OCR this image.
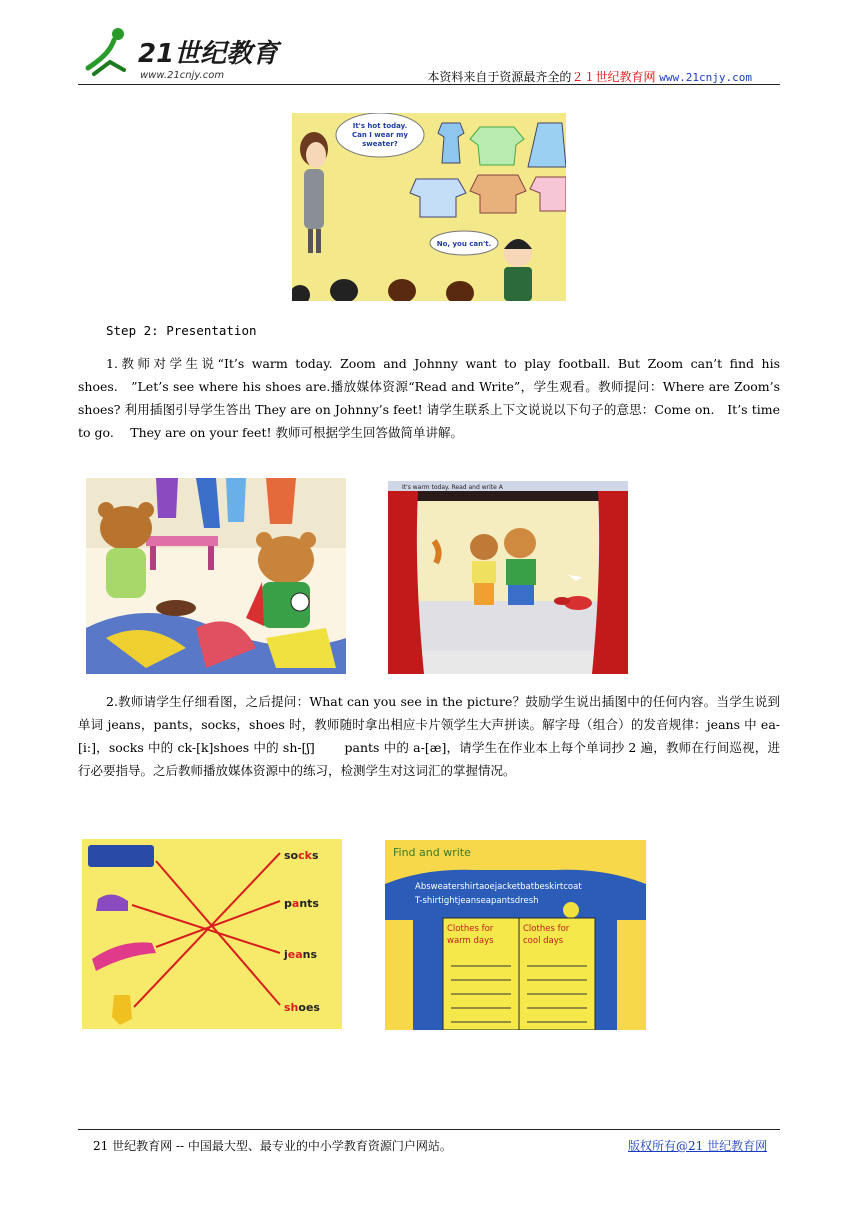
21世纪教育
www.21cnjy.com	本资料来自于资源最齐全的２１世纪教育网 www.21cnjy.com
It's hot today.
Can I wear my
sweater?
No, you can't.
Step 2: Presentation
1.教师对学生说“It’s warm today. Zoom and Johnny want to play football. But Zoom can’t find his shoes.　”Let’s see where his shoes are.播放媒体资源“Read and Write”，学生观看。教师提问：Where are Zoom’s shoes? 利用插图引导学生答出 They are on Johnny’s feet! 请学生联系上下文说说以下句子的意思：Come on.　It’s time to go.　 They are on your feet! 教师可根据学生回答做简单讲解。
It's warm today. Read and write A
2.教师请学生仔细看图，之后提问：What can you see in the picture？鼓励学生说出插图中的任何内容。当学生说到单词 jeans，pants，socks，shoes 时，教师随时拿出相应卡片领学生大声拼读。解字母（组合）的发音规律：jeans 中 ea-[i:]，socks 中的 ck-[k]shoes 中的 sh-[ʃ]　　 pants 中的 a-[æ]，请学生在作业本上每个单词抄 2 遍，教师在行间巡视，进行必要指导。之后教师播放媒体资源中的练习，检测学生对这词汇的掌握情况。
socks
pants
jeans
shoes
Find and write
Absweatershirtaoejacketbatbeskirtcoat
T-shirtightjeanseapantsdresh
Clothes for
warm days
Clothes for
cool days
21 世纪教育网 -- 中国最大型、最专业的中小学教育资源门户网站。	版权所有@21 世纪教育网
